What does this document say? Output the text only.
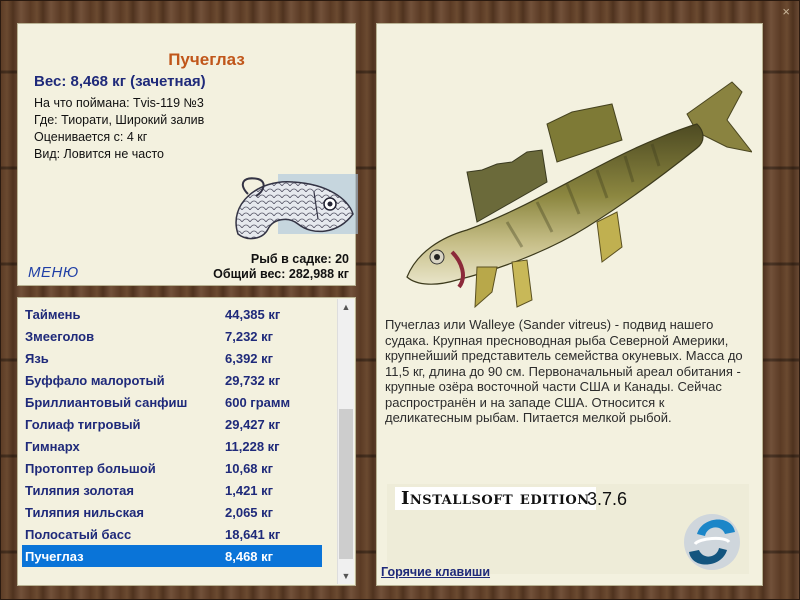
×
Пучеглаз
Вес: 8,468 кг (зачетная)
На что поймана: Tvis-119 №3
Где: Тиорати, Широкий залив
Оценивается с: 4 кг
Вид: Ловится не часто
МЕНЮ
Рыб в садке: 20
Общий вес: 282,988 кг
Таймень	44,385 кг
Змееголов	7,232 кг
Язь	6,392 кг
Буффало малоротый	29,732 кг
Бриллиантовый санфиш	600 грамм
Голиаф тигровый	29,427 кг
Гимнарх	11,228 кг
Протоптер большой	10,68 кг
Тиляпия золотая	1,421 кг
Тиляпия нильская	2,065 кг
Полосатый басс	18,641 кг
Пучеглаз	8,468 кг
▲
▼
Пучеглаз или Walleye (Sander vitreus) - подвид нашего судака. Крупная пресноводная рыба Северной Америки, крупнейший представитель семейства окуневых. Масса до 11,5 кг, длина до 90 см. Первоначальный ареал обитания - крупные озёра восточной части США и Канады. Сейчас распространён и на западе США. Относится к деликатесным рыбам. Питается мелкой рыбой.
Installsoft edition
3.7.6
Горячие клавиши
